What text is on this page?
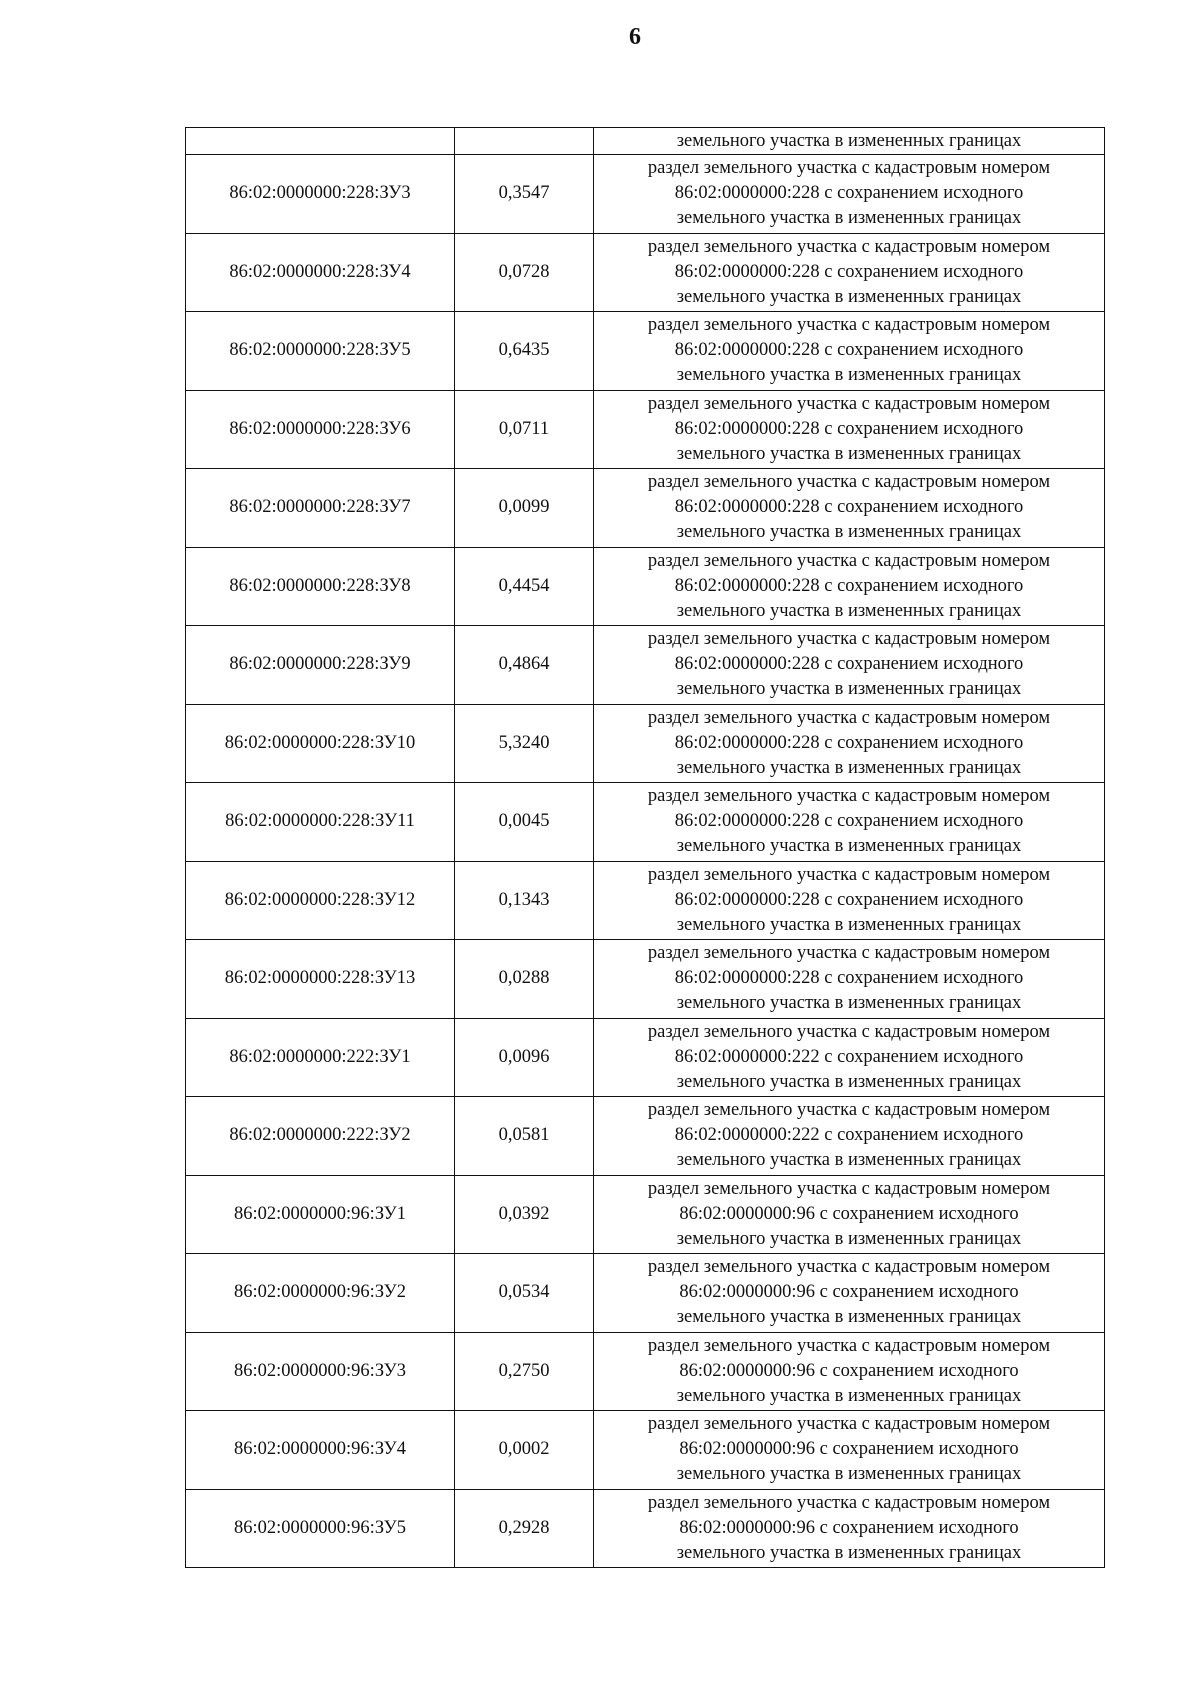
6
		земельного участка в измененных границах
86:02:0000000:228:ЗУ3	0,3547	раздел земельного участка с кадастровым номером
86:02:0000000:228 с сохранением исходного
земельного участка в измененных границах

86:02:0000000:228:ЗУ4	0,0728	раздел земельного участка с кадастровым номером
86:02:0000000:228 с сохранением исходного
земельного участка в измененных границах

86:02:0000000:228:ЗУ5	0,6435	раздел земельного участка с кадастровым номером
86:02:0000000:228 с сохранением исходного
земельного участка в измененных границах

86:02:0000000:228:ЗУ6	0,0711	раздел земельного участка с кадастровым номером
86:02:0000000:228 с сохранением исходного
земельного участка в измененных границах

86:02:0000000:228:ЗУ7	0,0099	раздел земельного участка с кадастровым номером
86:02:0000000:228 с сохранением исходного
земельного участка в измененных границах

86:02:0000000:228:ЗУ8	0,4454	раздел земельного участка с кадастровым номером
86:02:0000000:228 с сохранением исходного
земельного участка в измененных границах

86:02:0000000:228:ЗУ9	0,4864	раздел земельного участка с кадастровым номером
86:02:0000000:228 с сохранением исходного
земельного участка в измененных границах

86:02:0000000:228:ЗУ10	5,3240	раздел земельного участка с кадастровым номером
86:02:0000000:228 с сохранением исходного
земельного участка в измененных границах

86:02:0000000:228:ЗУ11	0,0045	раздел земельного участка с кадастровым номером
86:02:0000000:228 с сохранением исходного
земельного участка в измененных границах

86:02:0000000:228:ЗУ12	0,1343	раздел земельного участка с кадастровым номером
86:02:0000000:228 с сохранением исходного
земельного участка в измененных границах

86:02:0000000:228:ЗУ13	0,0288	раздел земельного участка с кадастровым номером
86:02:0000000:228 с сохранением исходного
земельного участка в измененных границах

86:02:0000000:222:ЗУ1	0,0096	раздел земельного участка с кадастровым номером
86:02:0000000:222 с сохранением исходного
земельного участка в измененных границах

86:02:0000000:222:ЗУ2	0,0581	раздел земельного участка с кадастровым номером
86:02:0000000:222 с сохранением исходного
земельного участка в измененных границах

86:02:0000000:96:ЗУ1	0,0392	раздел земельного участка с кадастровым номером
86:02:0000000:96 с сохранением исходного
земельного участка в измененных границах

86:02:0000000:96:ЗУ2	0,0534	раздел земельного участка с кадастровым номером
86:02:0000000:96 с сохранением исходного
земельного участка в измененных границах

86:02:0000000:96:ЗУ3	0,2750	раздел земельного участка с кадастровым номером
86:02:0000000:96 с сохранением исходного
земельного участка в измененных границах

86:02:0000000:96:ЗУ4	0,0002	раздел земельного участка с кадастровым номером
86:02:0000000:96 с сохранением исходного
земельного участка в измененных границах

86:02:0000000:96:ЗУ5	0,2928	раздел земельного участка с кадастровым номером
86:02:0000000:96 с сохранением исходного
земельного участка в измененных границах
